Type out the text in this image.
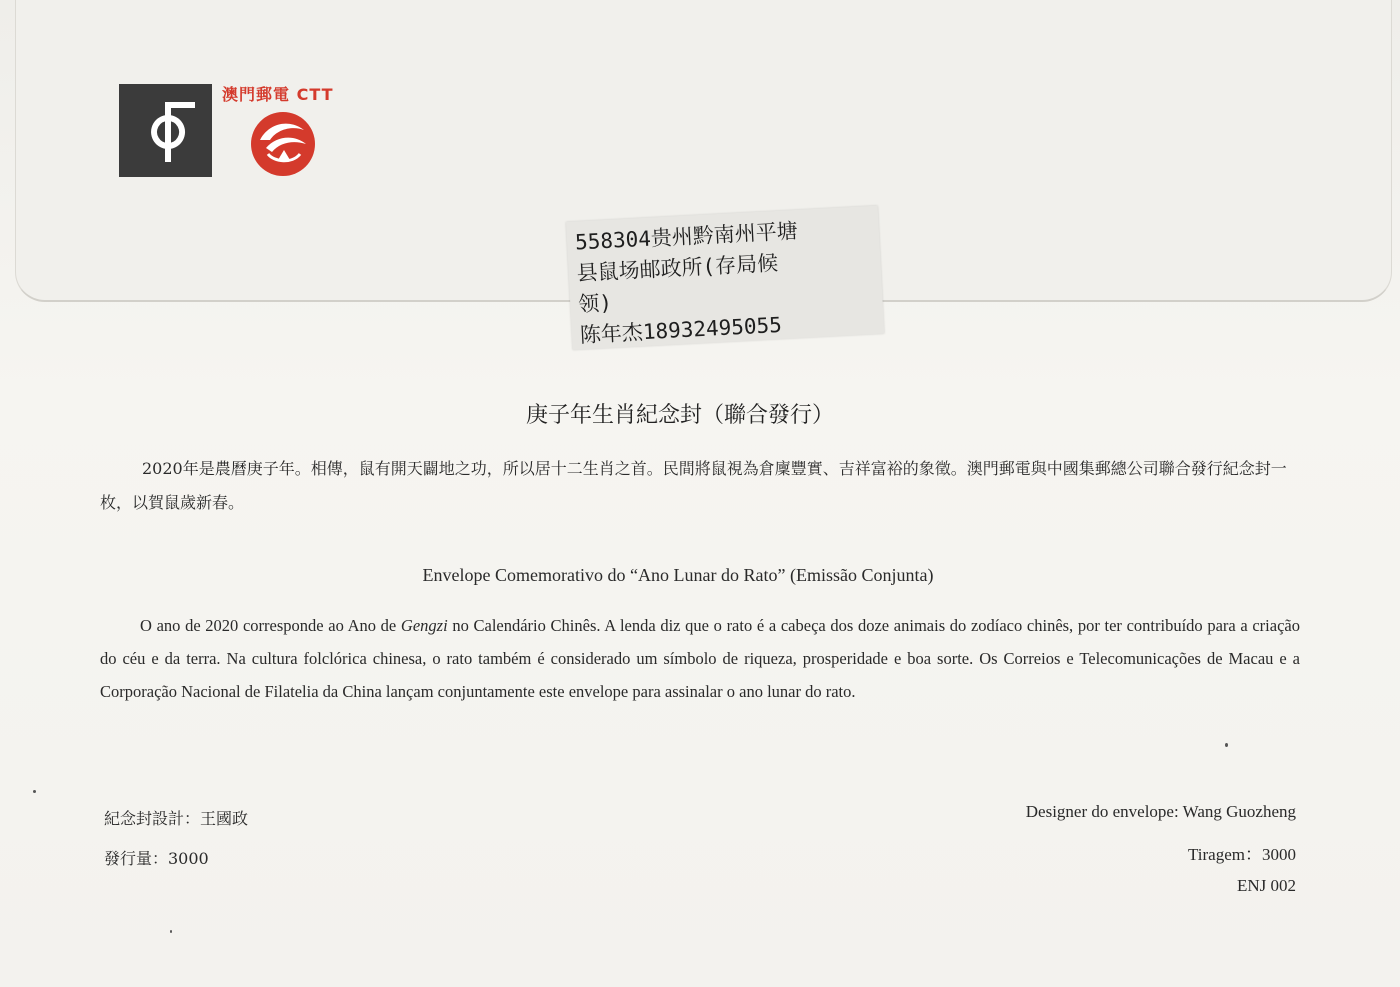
澳門郵電 CTT
558304贵州黔南州平塘
县鼠场邮政所(存局候
领)
陈年杰18932495055
庚子年生肖紀念封（聯合發行）
2020年是農曆庚子年。相傳，鼠有開天闢地之功，所以居十二生肖之首。民間將鼠視為倉廩豐實、吉祥富裕的象徵。澳門郵電與中國集郵總公司聯合發行紀念封一枚，以賀鼠歲新春。
Envelope Comemorativo do “Ano Lunar do Rato” (Emissão Conjunta)
O ano de 2020 corresponde ao Ano de Gengzi no Calendário Chinês. A lenda diz que o rato é a cabeça dos doze animais do zodíaco chinês, por ter contribuído para a criação do céu e da terra. Na cultura folclórica chinesa, o rato também é considerado um símbolo de riqueza, prosperidade e boa sorte. Os Correios e Telecomunicações de Macau e a Corporação Nacional de Filatelia da China lançam conjuntamente este envelope para assinalar o ano lunar do rato.
紀念封設計：王國政
發行量：3000
Designer do envelope: Wang Guozheng
Tiragem：3000
ENJ 002
